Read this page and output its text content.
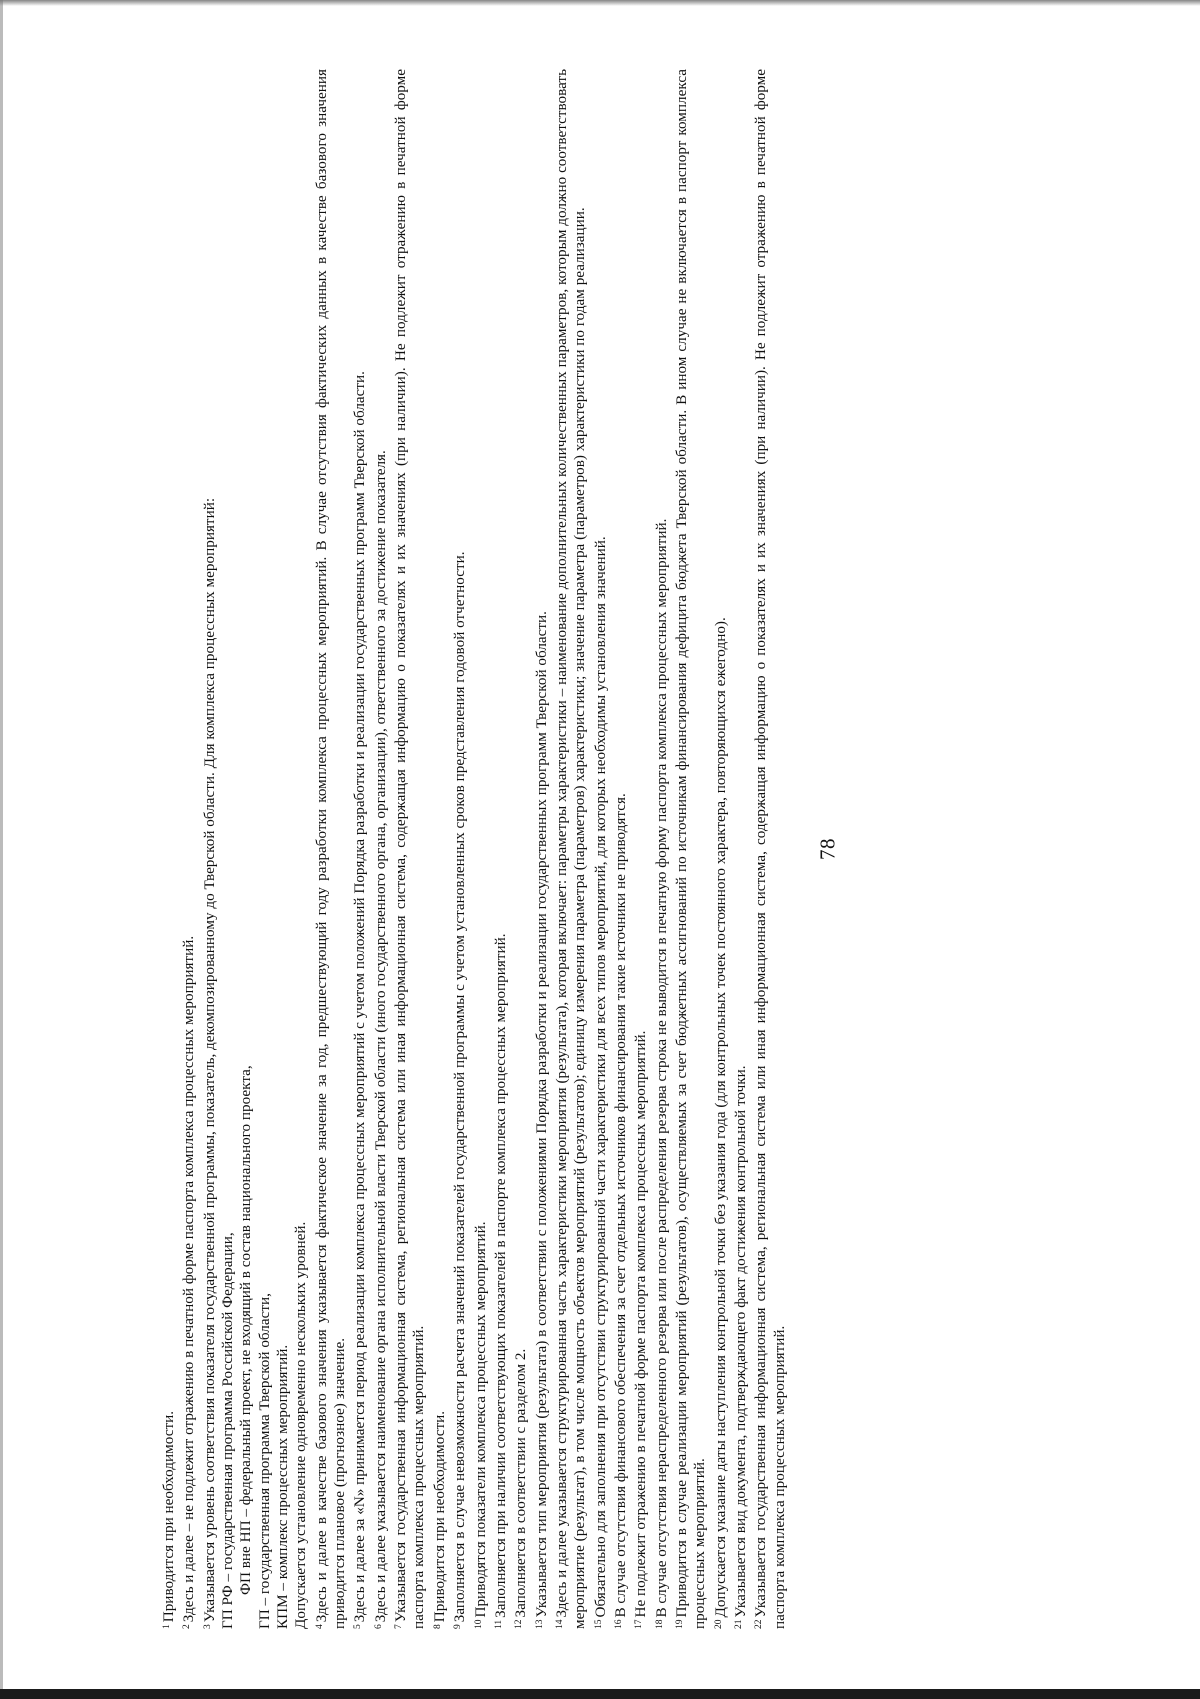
78

$^1$Приводится при необходимости.

$^2$Здесь и далее – не подлежит отражению в печатной форме паспорта комплекса процессных мероприятий.

$^3$Указывается уровень соответствия показателя государственной программы, показатель, декомпозированному до Тверской области. Для комплекса процессных мероприятий: ГП РФ – государственная программа Российской Федерации, ФП вне НП – федеральный проект, не входящий в состав национального проекта, ГП – государственная программа Тверской области, КПМ – комплекс процессных мероприятий. Допускается установление одновременно нескольких уровней. $^4$Здесь и далее в качестве базового значения указывается фактическое значение за год, предшествующий году разработки комплекса процессных мероприятий. В случае отсутствия фактических данных в качестве базового значения приводится плановое (прогнозное) значение. $^5$Здесь и далее за «N» принимается период реализации комплекса процессных мероприятий с учетом положений Порядка разработки и реализации государственных программ Тверской области.

$^6$Здесь и далее указывается наименование органа исполнительной власти Тверской области (иного государственного органа, организации), ответственного за достижение показателя.

$^7$Указывается государственная информационная система, региональная система или иная информационная система, содержащая информацию о показателях и их значениях (при наличии). Не подлежит отражению в печатной форме паспорта комплекса процессных мероприятий. $^8$Приводится при необходимости.

$^9$Заполняется в случае невозможности расчета значений показателей государственной программы с учетом установленных сроков представления годовой отчетности.

$^{10}$Приводятся показатели комплекса процессных мероприятий.

$^{11}$Заполняется при наличии соответствующих показателей в паспорте комплекса процессных мероприятий.

$^{12}$Заполняется в соответствии с разделом 2.

$^{13}$Указывается тип мероприятия (результата) в соответствии с положениями Порядка разработки и реализации государственных программ Тверской области.

$^{14}$Здесь и далее указывается структурированная часть характеристики мероприятия (результата), которая включает: параметры характеристики – наименование дополнительных количественных параметров, которым должно соответствовать мероприятие (результат), в том числе мощность объектов мероприятий (результатов); единицу измерения параметра (параметров) характеристики; значение параметра (параметров) характеристики по годам реализации. $^{15}$Обязательно для заполнения при отсутствии структурированной части характеристики для всех типов мероприятий, для которых необходимы установления значений.

$^{16}$В случае отсутствия финансового обеспечения за счет отдельных источников финансирования такие источники не приводятся.

$^{17}$Не подлежит отражению в печатной форме паспорта комплекса процессных мероприятий.

$^{18}$В случае отсутствия нераспределенного резерва или после распределения резерва строка не выводится в печатную форму паспорта комплекса процессных мероприятий.

$^{19}$Приводится в случае реализации мероприятий (результатов), осуществляемых за счет бюджетных ассигнований по источникам финансирования дефицита бюджета Тверской области. В ином случае не включается в паспорт комплекса процессных мероприятий. $^{20}$Допускается указание даты наступления контрольной точки без указания года (для контрольных точек постоянного характера, повторяющихся ежегодно).

$^{21}$Указывается вид документа, подтверждающего факт достижения контрольной точки.

$^{22}$Указывается государственная информационная система, региональная система или иная информационная система, содержащая информацию о показателях и их значениях (при наличии). Не подлежит отражению в печатной форме паспорта комплекса процессных мероприятий.
